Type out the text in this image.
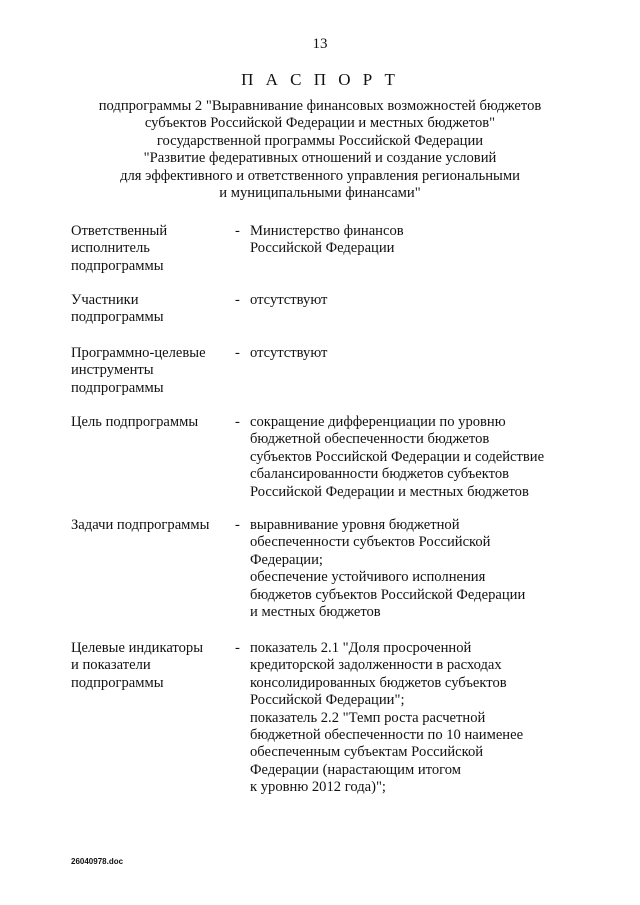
13
П А С П О Р Т
подпрограммы 2 "Выравнивание финансовых возможностей бюджетов
субъектов Российской Федерации и местных бюджетов"
государственной программы Российской Федерации
"Развитие федеративных отношений и создание условий
для эффективного и ответственного управления региональными
и муниципальными финансами"
Ответственный
исполнитель
подпрограммы
- Министерство финансов
Российской Федерации
Участники
подпрограммы
- отсутствуют
Программно-целевые
инструменты
подпрограммы
- отсутствуют
Цель подпрограммы	- сокращение дифференциации по уровню
бюджетной обеспеченности бюджетов
субъектов Российской Федерации и содействие
сбалансированности бюджетов субъектов
Российской Федерации и местных бюджетов
Задачи подпрограммы	- выравнивание уровня бюджетной
обеспеченности субъектов Российской
Федерации;
обеспечение устойчивого исполнения
бюджетов субъектов Российской Федерации
и местных бюджетов
Целевые индикаторы
и показатели
подпрограммы
- показатель 2.1 "Доля просроченной
кредиторской задолженности в расходах
консолидированных бюджетов субъектов
Российской Федерации";
показатель 2.2 "Темп роста расчетной
бюджетной обеспеченности по 10 наименее
обеспеченным субъектам Российской
Федерации (нарастающим итогом
к уровню 2012 года)";
26040978.doc
